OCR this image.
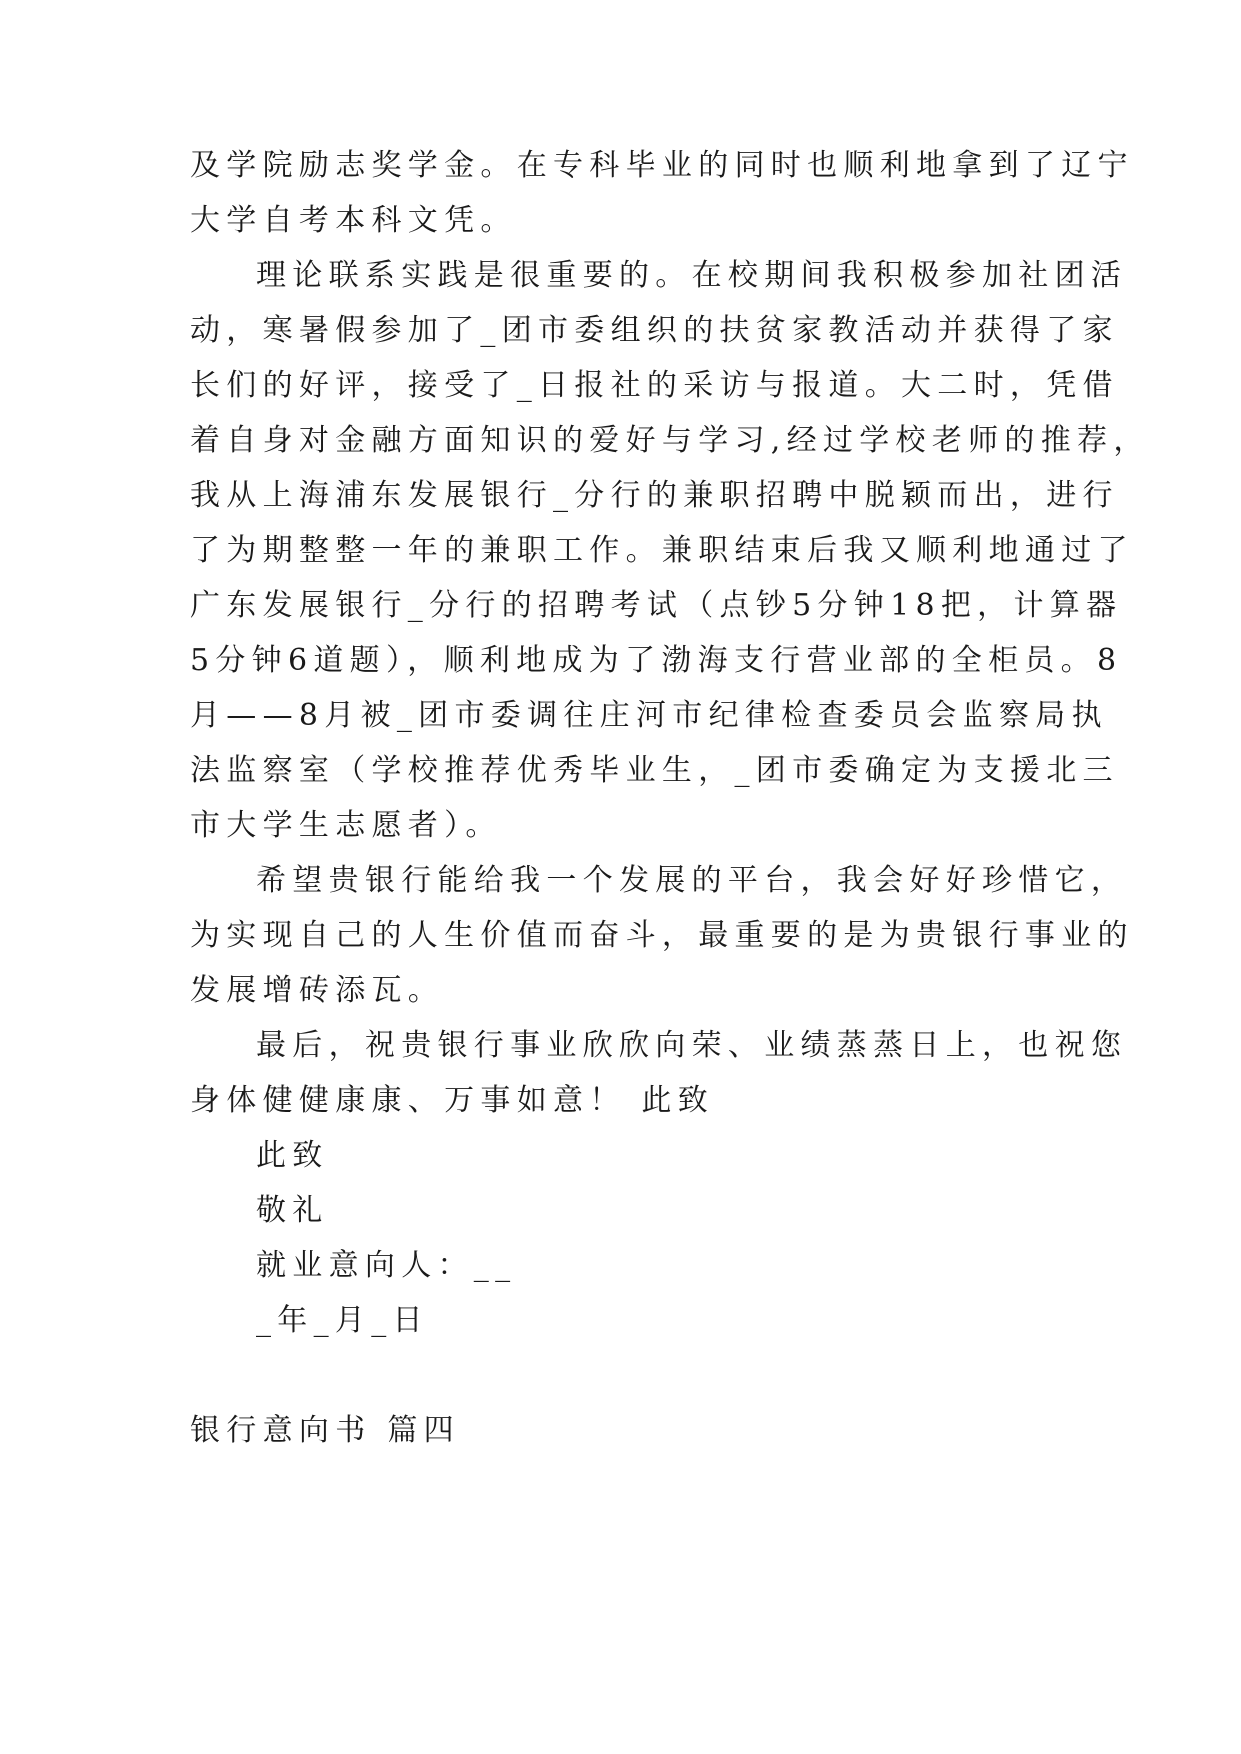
及学院励志奖学金。在专科毕业的同时也顺利地拿到了辽宁
大学自考本科文凭。
理论联系实践是很重要的。在校期间我积极参加社团活
动，寒暑假参加了_团市委组织的扶贫家教活动并获得了家
长们的好评，接受了_日报社的采访与报道。大二时，凭借
着自身对金融方面知识的爱好与学习,经过学校老师的推荐，
我从上海浦东发展银行_分行的兼职招聘中脱颖而出，进行
了为期整整一年的兼职工作。兼职结束后我又顺利地通过了
广东发展银行_分行的招聘考试（点钞5分钟18把，计算器
5分钟6道题），顺利地成为了渤海支行营业部的全柜员。8
月——8月被_团市委调往庄河市纪律检查委员会监察局执
法监察室（学校推荐优秀毕业生，_团市委确定为支援北三
市大学生志愿者）。
希望贵银行能给我一个发展的平台，我会好好珍惜它，
为实现自己的人生价值而奋斗，最重要的是为贵银行事业的
发展增砖添瓦。
最后，祝贵银行事业欣欣向荣、业绩蒸蒸日上，也祝您
身体健健康康、万事如意！ 此致
此致
敬礼
就业意向人：__
_年_月_日
银行意向书 篇四
